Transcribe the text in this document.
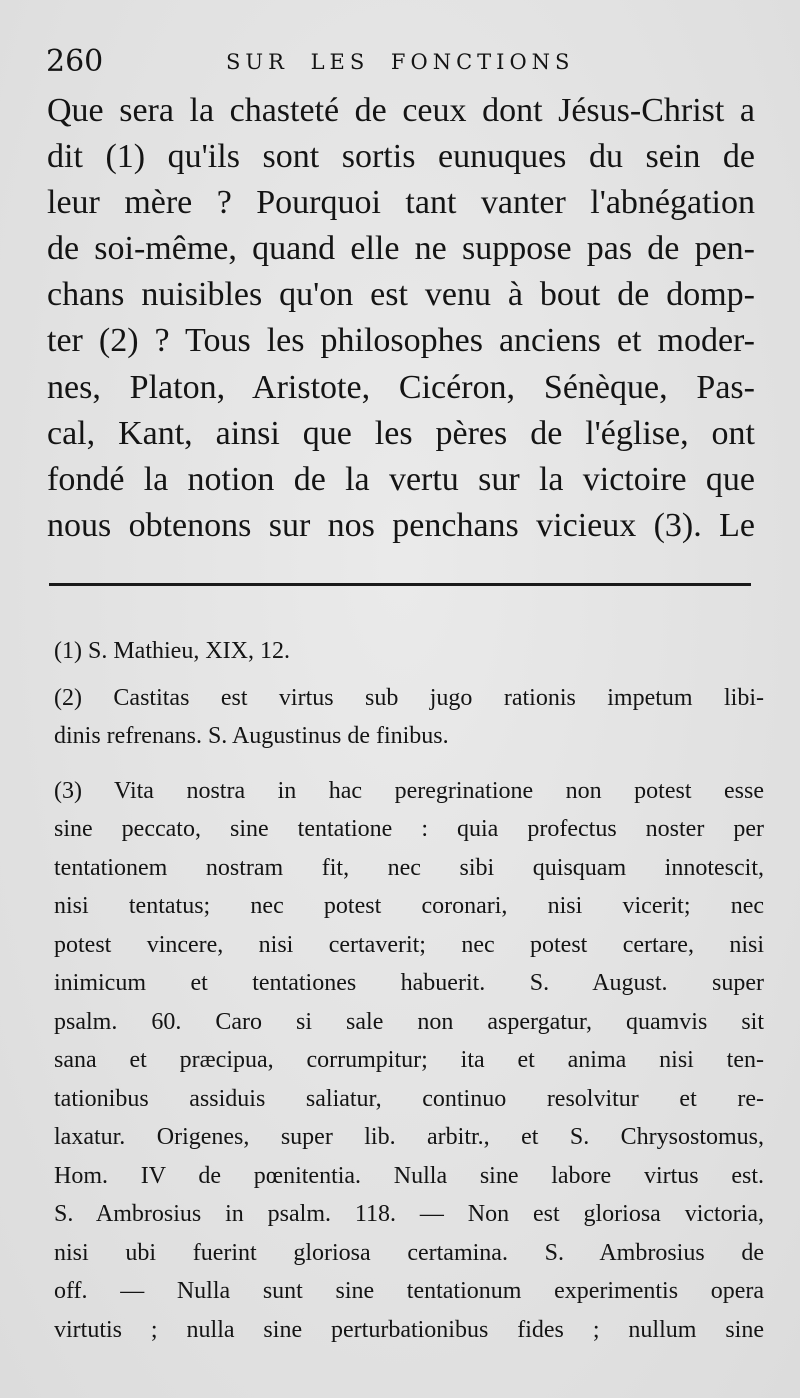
260	SUR LES FONCTIONS
Que sera la chasteté de ceux dont Jésus-Christ a
dit (1) qu'ils sont sortis eunuques du sein de
leur mère ? Pourquoi tant vanter l'abnégation
de soi-même, quand elle ne suppose pas de pen-
chans nuisibles qu'on est venu à bout de domp-
ter (2) ? Tous les philosophes anciens et moder-
nes, Platon, Aristote, Cicéron, Sénèque, Pas-
cal, Kant, ainsi que les pères de l'église, ont
fondé la notion de la vertu sur la victoire que
nous obtenons sur nos penchans vicieux (3). Le
(1) S. Mathieu, XIX, 12.
(2) Castitas est virtus sub jugo rationis impetum libi-
dinis refrenans. S. Augustinus de finibus.
(3) Vita nostra in hac peregrinatione non potest esse
sine peccato, sine tentatione : quia profectus noster per
tentationem nostram fit, nec sibi quisquam innotescit,
nisi tentatus; nec potest coronari, nisi vicerit; nec
potest vincere, nisi certaverit; nec potest certare, nisi
inimicum et tentationes habuerit. S. August. super
psalm. 60. Caro si sale non aspergatur, quamvis sit
sana et præcipua, corrumpitur; ita et anima nisi ten-
tationibus assiduis saliatur, continuo resolvitur et re-
laxatur. Origenes, super lib. arbitr., et S. Chrysostomus,
Hom. IV de pœnitentia. Nulla sine labore virtus est.
S. Ambrosius in psalm. 118. — Non est gloriosa victoria,
nisi ubi fuerint gloriosa certamina. S. Ambrosius de
off. — Nulla sunt sine tentationum experimentis opera
virtutis ; nulla sine perturbationibus fides ; nullum sine
